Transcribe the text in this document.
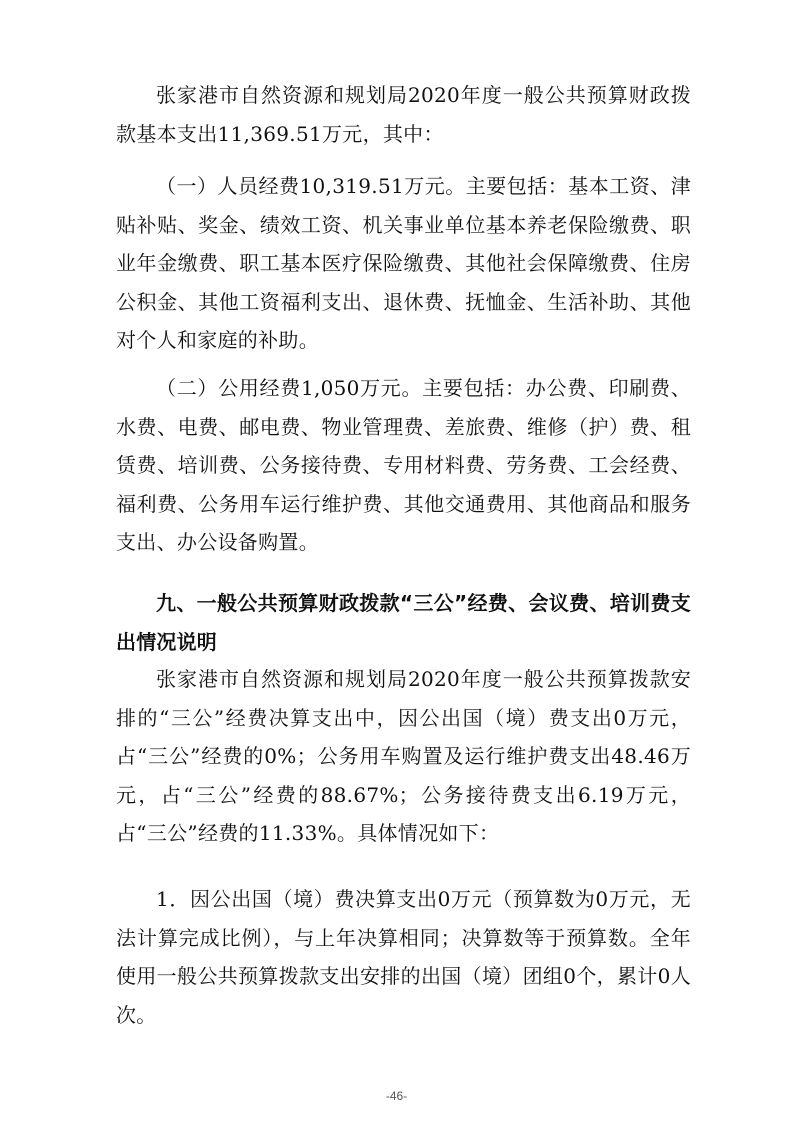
张家港市自然资源和规划局2020年度一般公共预算财政拨款基本支出11,369.51万元，其中：

（一）人员经费10,319.51万元。主要包括：基本工资、津贴补贴、奖金、绩效工资、机关事业单位基本养老保险缴费、职业年金缴费、职工基本医疗保险缴费、其他社会保障缴费、住房公积金、其他工资福利支出、退休费、抚恤金、生活补助、其他对个人和家庭的补助。

（二）公用经费1,050万元。主要包括：办公费、印刷费、水费、电费、邮电费、物业管理费、差旅费、维修（护）费、租赁费、培训费、公务接待费、专用材料费、劳务费、工会经费、福利费、公务用车运行维护费、其他交通费用、其他商品和服务支出、办公设备购置。

九、一般公共预算财政拨款“三公”经费、会议费、培训费支出情况说明

张家港市自然资源和规划局2020年度一般公共预算拨款安排的“三公”经费决算支出中，因公出国（境）费支出0万元，占“三公”经费的0%；公务用车购置及运行维护费支出48.46万元，占“三公”经费的88.67%；公务接待费支出6.19万元，占“三公”经费的11.33%。具体情况如下：

1．因公出国（境）费决算支出0万元（预算数为0万元，无法计算完成比例），与上年决算相同；决算数等于预算数。全年使用一般公共预算拨款支出安排的出国（境）团组0个，累计0人次。

-46-
